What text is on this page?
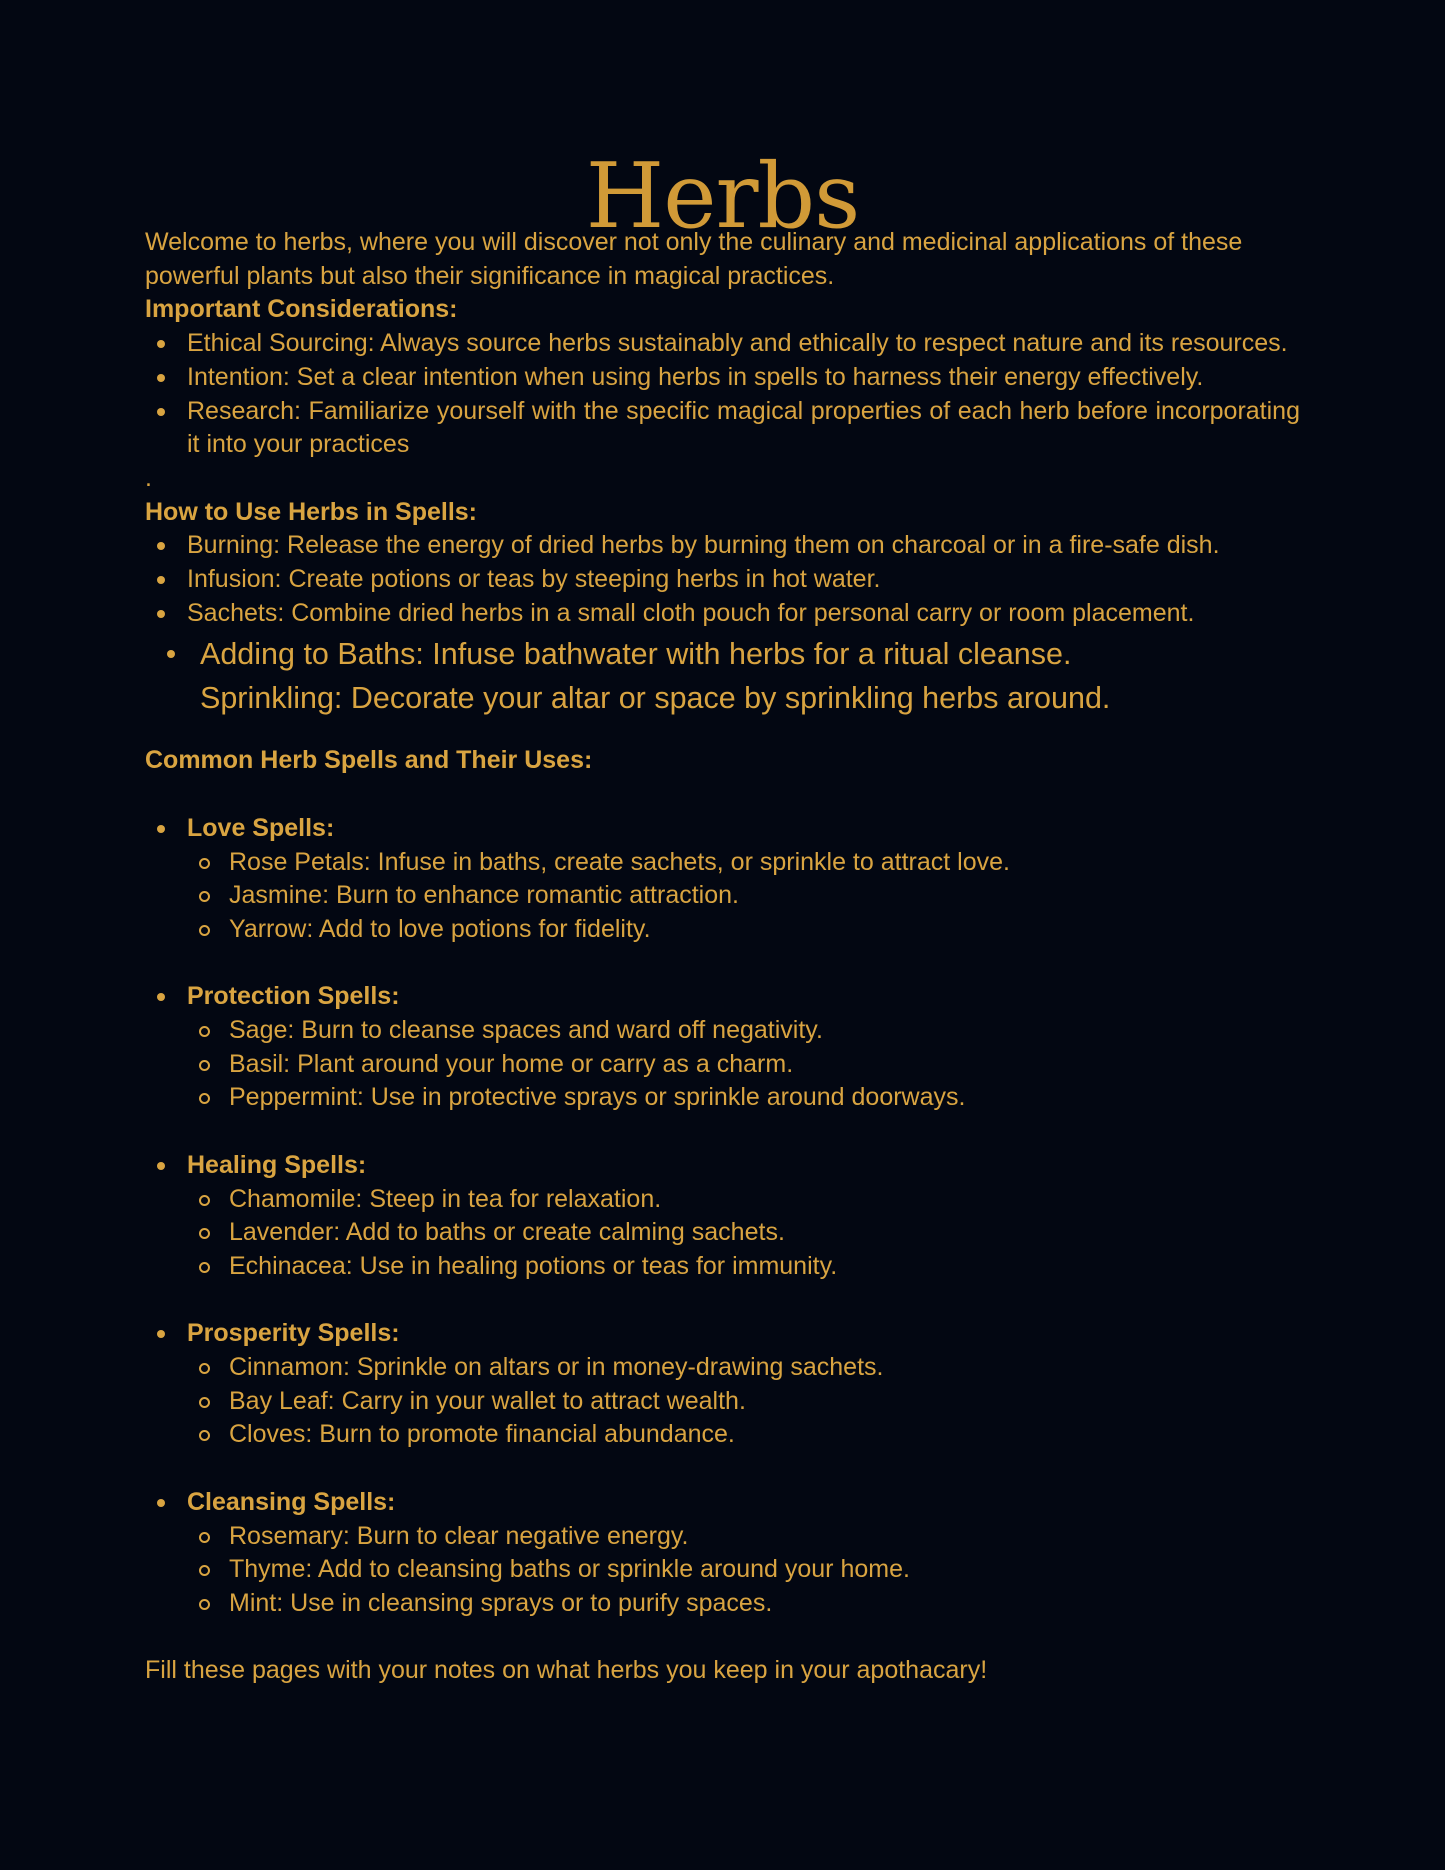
Herbs

Welcome to herbs, where you will discover not only the culinary and medicinal applications of these powerful plants but also their significance in magical practices.

Important Considerations:

Ethical Sourcing: Always source herbs sustainably and ethically to respect nature and its resources.
Intention: Set a clear intention when using herbs in spells to harness their energy effectively.
Research: Familiarize yourself with the specific magical properties of each herb before incorporating it into your practices

.

How to Use Herbs in Spells:

Burning: Release the energy of dried herbs by burning them on charcoal or in a fire-safe dish.
Infusion: Create potions or teas by steeping herbs in hot water.
Sachets: Combine dried herbs in a small cloth pouch for personal carry or room placement.
Adding to Baths: Infuse bathwater with herbs for a ritual cleanse.
Sprinkling: Decorate your altar or space by sprinkling herbs around.

Common Herb Spells and Their Uses:

Love Spells:
Rose Petals: Infuse in baths, create sachets, or sprinkle to attract love.
Jasmine: Burn to enhance romantic attraction.
Yarrow: Add to love potions for fidelity.
Protection Spells:
Sage: Burn to cleanse spaces and ward off negativity.
Basil: Plant around your home or carry as a charm.
Peppermint: Use in protective sprays or sprinkle around doorways.
Healing Spells:
Chamomile: Steep in tea for relaxation.
Lavender: Add to baths or create calming sachets.
Echinacea: Use in healing potions or teas for immunity.
Prosperity Spells:
Cinnamon: Sprinkle on altars or in money-drawing sachets.
Bay Leaf: Carry in your wallet to attract wealth.
Cloves: Burn to promote financial abundance.
Cleansing Spells:
Rosemary: Burn to clear negative energy.
Thyme: Add to cleansing baths or sprinkle around your home.
Mint: Use in cleansing sprays or to purify spaces.

Fill these pages with your notes on what herbs you keep in your apothacary!
